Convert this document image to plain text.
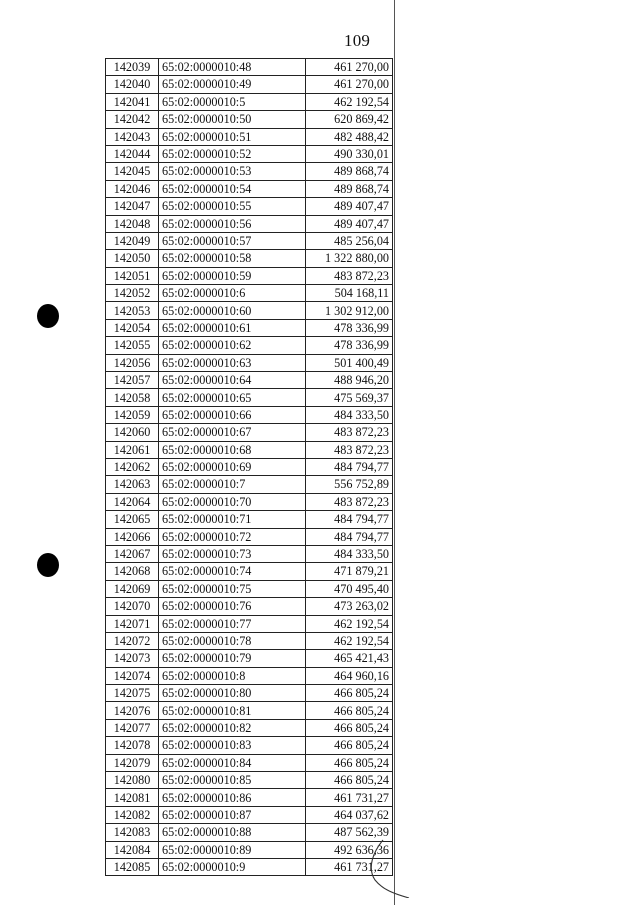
109
142039	65:02:0000010:48	461 270,00
142040	65:02:0000010:49	461 270,00
142041	65:02:0000010:5	462 192,54
142042	65:02:0000010:50	620 869,42
142043	65:02:0000010:51	482 488,42
142044	65:02:0000010:52	490 330,01
142045	65:02:0000010:53	489 868,74
142046	65:02:0000010:54	489 868,74
142047	65:02:0000010:55	489 407,47
142048	65:02:0000010:56	489 407,47
142049	65:02:0000010:57	485 256,04
142050	65:02:0000010:58	1 322 880,00
142051	65:02:0000010:59	483 872,23
142052	65:02:0000010:6	504 168,11
142053	65:02:0000010:60	1 302 912,00
142054	65:02:0000010:61	478 336,99
142055	65:02:0000010:62	478 336,99
142056	65:02:0000010:63	501 400,49
142057	65:02:0000010:64	488 946,20
142058	65:02:0000010:65	475 569,37
142059	65:02:0000010:66	484 333,50
142060	65:02:0000010:67	483 872,23
142061	65:02:0000010:68	483 872,23
142062	65:02:0000010:69	484 794,77
142063	65:02:0000010:7	556 752,89
142064	65:02:0000010:70	483 872,23
142065	65:02:0000010:71	484 794,77
142066	65:02:0000010:72	484 794,77
142067	65:02:0000010:73	484 333,50
142068	65:02:0000010:74	471 879,21
142069	65:02:0000010:75	470 495,40
142070	65:02:0000010:76	473 263,02
142071	65:02:0000010:77	462 192,54
142072	65:02:0000010:78	462 192,54
142073	65:02:0000010:79	465 421,43
142074	65:02:0000010:8	464 960,16
142075	65:02:0000010:80	466 805,24
142076	65:02:0000010:81	466 805,24
142077	65:02:0000010:82	466 805,24
142078	65:02:0000010:83	466 805,24
142079	65:02:0000010:84	466 805,24
142080	65:02:0000010:85	466 805,24
142081	65:02:0000010:86	461 731,27
142082	65:02:0000010:87	464 037,62
142083	65:02:0000010:88	487 562,39
142084	65:02:0000010:89	492 636,36
142085	65:02:0000010:9	461 731,27
